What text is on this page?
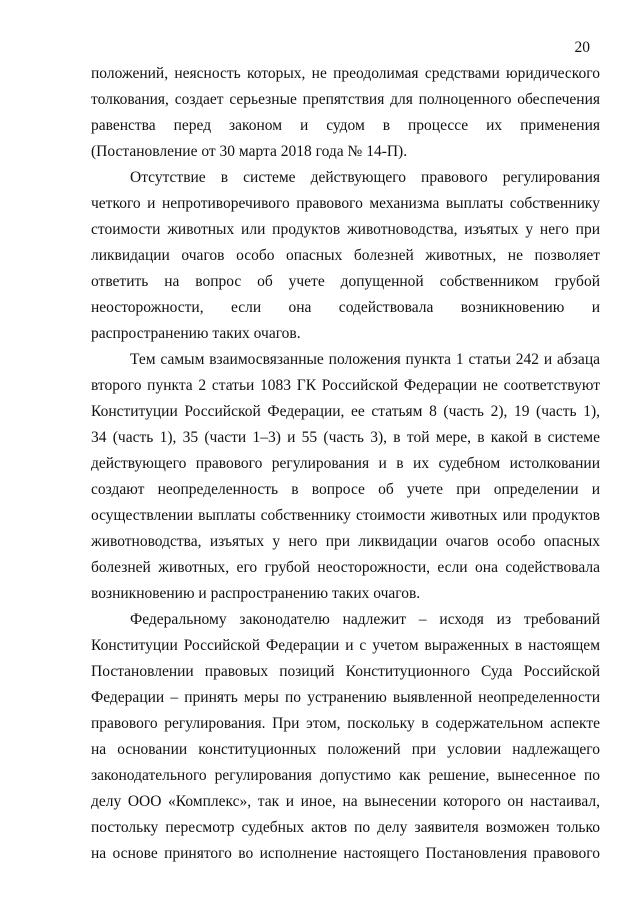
20
положений, неясность которых, не преодолимая средствами юридического
толкования, создает серьезные препятствия для полноценного обеспечения
равенства перед законом и судом в процессе их применения
(Постановление от 30 марта 2018 года № 14-П).
Отсутствие в системе действующего правового регулирования
четкого и непротиворечивого правового механизма выплаты собственнику
стоимости животных или продуктов животноводства, изъятых у него при
ликвидации очагов особо опасных болезней животных, не позволяет
ответить на вопрос об учете допущенной собственником грубой
неосторожности, если она содействовала возникновению и
распространению таких очагов.
Тем самым взаимосвязанные положения пункта 1 статьи 242 и абзаца
второго пункта 2 статьи 1083 ГК Российской Федерации не соответствуют
Конституции Российской Федерации, ее статьям 8 (часть 2), 19 (часть 1),
34 (часть 1), 35 (части 1–3) и 55 (часть 3), в той мере, в какой в системе
действующего правового регулирования и в их судебном истолковании
создают неопределенность в вопросе об учете при определении и
осуществлении выплаты собственнику стоимости животных или продуктов
животноводства, изъятых у него при ликвидации очагов особо опасных
болезней животных, его грубой неосторожности, если она содействовала
возникновению и распространению таких очагов.
Федеральному законодателю надлежит – исходя из требований
Конституции Российской Федерации и с учетом выраженных в настоящем
Постановлении правовых позиций Конституционного Суда Российской
Федерации – принять меры по устранению выявленной неопределенности
правового регулирования. При этом, поскольку в содержательном аспекте
на основании конституционных положений при условии надлежащего
законодательного регулирования допустимо как решение, вынесенное по
делу ООО «Комплекс», так и иное, на вынесении которого он настаивал,
постольку пересмотр судебных актов по делу заявителя возможен только
на основе принятого во исполнение настоящего Постановления правового
